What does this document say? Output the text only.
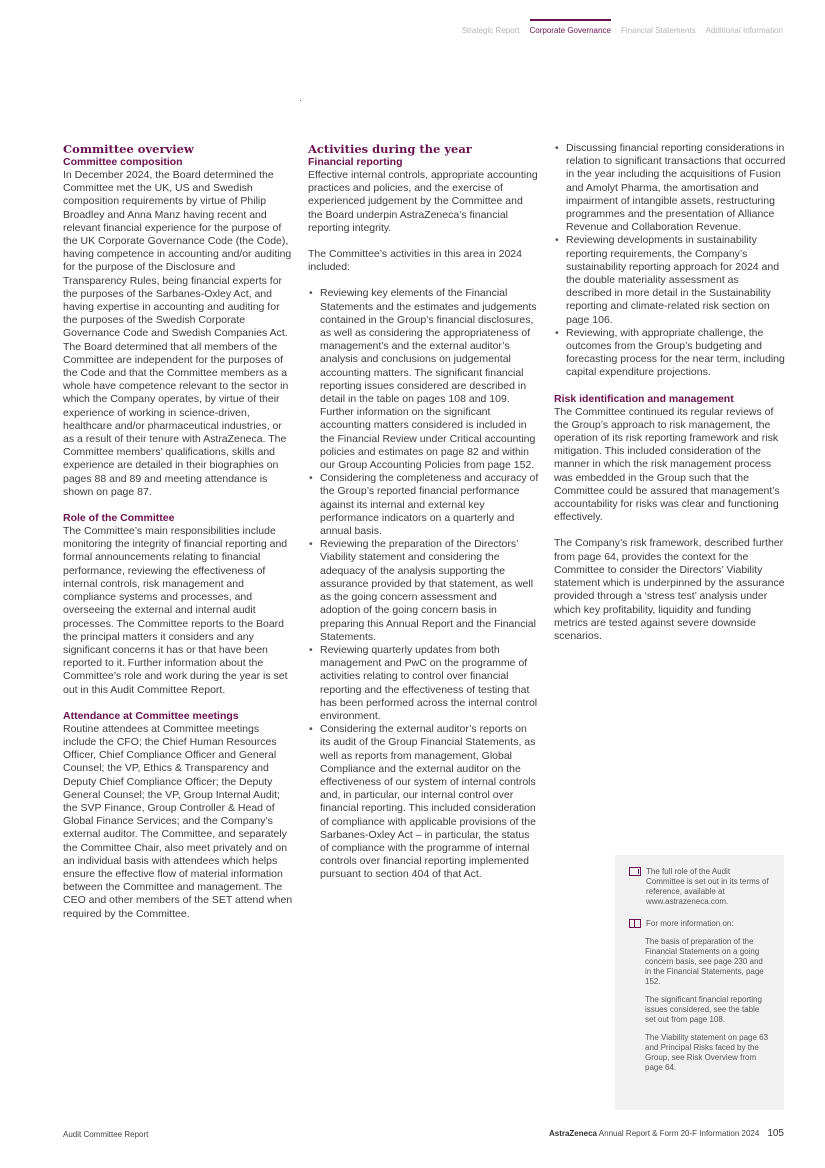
Strategic Report Corporate Governance Financial Statements Additional Information
Committee overview
Committee composition

In December 2024, the Board determined the Committee met the UK, US and Swedish composition requirements by virtue of Philip Broadley and Anna Manz having recent and relevant financial experience for the purpose of the UK Corporate Governance Code (the Code), having competence in accounting and/or auditing for the purpose of the Disclosure and Transparency Rules, being financial experts for the purposes of the Sarbanes-Oxley Act, and having expertise in accounting and auditing for the purposes of the Swedish Corporate Governance Code and Swedish Companies Act. The Board determined that all members of the Committee are independent for the purposes of the Code and that the Committee members as a whole have competence relevant to the sector in which the Company operates, by virtue of their experience of working in science-driven, healthcare and/or pharmaceutical industries, or as a result of their tenure with AstraZeneca. The Committee members’ qualifications, skills and experience are detailed in their biographies on pages 88 and 89 and meeting attendance is shown on page 87.

Role of the Committee

The Committee’s main responsibilities include monitoring the integrity of financial reporting and formal announcements relating to financial performance, reviewing the effectiveness of internal controls, risk management and compliance systems and processes, and overseeing the external and internal audit processes. The Committee reports to the Board the principal matters it considers and any significant concerns it has or that have been reported to it. Further information about the Committee’s role and work during the year is set out in this Audit Committee Report.

Attendance at Committee meetings

Routine attendees at Committee meetings include the CFO; the Chief Human Resources Officer, Chief Compliance Officer and General Counsel; the VP, Ethics & Transparency and Deputy Chief Compliance Officer; the Deputy General Counsel; the VP, Group Internal Audit; the SVP Finance, Group Controller & Head of Global Finance Services; and the Company’s external auditor. The Committee, and separately the Committee Chair, also meet privately and on an individual basis with attendees which helps ensure the effective flow of material information between the Committee and management. The CEO and other members of the SET attend when required by the Committee.

Activities during the year
Financial reporting

Effective internal controls, appropriate accounting practices and policies, and the exercise of experienced judgement by the Committee and the Board underpin AstraZeneca’s financial reporting integrity.

The Committee’s activities in this area in 2024 included:

• Reviewing key elements of the Financial Statements and the estimates and judgements contained in the Group’s financial disclosures, as well as considering the appropriateness of management’s and the external auditor’s analysis and conclusions on judgemental accounting matters. The significant financial reporting issues considered are described in detail in the table on pages 108 and 109. Further information on the significant accounting matters considered is included in the Financial Review under Critical accounting policies and estimates on page 82 and within our Group Accounting Policies from page 152.
• Considering the completeness and accuracy of the Group’s reported financial performance against its internal and external key performance indicators on a quarterly and annual basis.
• Reviewing the preparation of the Directors’ Viability statement and considering the adequacy of the analysis supporting the assurance provided by that statement, as well as the going concern assessment and adoption of the going concern basis in preparing this Annual Report and the Financial Statements.
• Reviewing quarterly updates from both management and PwC on the programme of activities relating to control over financial reporting and the effectiveness of testing that has been performed across the internal control environment.
• Considering the external auditor’s reports on its audit of the Group Financial Statements, as well as reports from management, Global Compliance and the external auditor on the effectiveness of our system of internal controls and, in particular, our internal control over financial reporting. This included consideration of compliance with applicable provisions of the Sarbanes-Oxley Act – in particular, the status of compliance with the programme of internal controls over financial reporting implemented pursuant to section 404 of that Act.
• Discussing financial reporting considerations in relation to significant transactions that occurred in the year including the acquisitions of Fusion and Amolyt Pharma, the amortisation and impairment of intangible assets, restructuring programmes and the presentation of Alliance Revenue and Collaboration Revenue.
• Reviewing developments in sustainability reporting requirements, the Company’s sustainability reporting approach for 2024 and the double materiality assessment as described in more detail in the Sustainability reporting and climate-related risk section on page 106.
• Reviewing, with appropriate challenge, the outcomes from the Group’s budgeting and forecasting process for the near term, including capital expenditure projections.
Risk identification and management

The Committee continued its regular reviews of the Group’s approach to risk management, the operation of its risk reporting framework and risk mitigation. This included consideration of the manner in which the risk management process was embedded in the Group such that the Committee could be assured that management’s accountability for risks was clear and functioning effectively.

The Company’s risk framework, described further from page 64, provides the context for the Committee to consider the Directors’ Viability statement which is underpinned by the assurance provided through a ‘stress test’ analysis under which key profitability, liquidity and funding metrics are tested against severe downside scenarios.

The full role of the Audit Committee is set out in its terms of reference, available at www.astrazeneca.com.
For more information on:
The basis of preparation of the Financial Statements on a going concern basis, see page 230 and in the Financial Statements, page 152.
The significant financial reporting issues considered, see the table set out from page 108.
The Viability statement on page 63 and Principal Risks faced by the Group, see Risk Overview from page 64.
Audit Committee Report	AstraZeneca Annual Report & Form 20-F Information 2024 105
